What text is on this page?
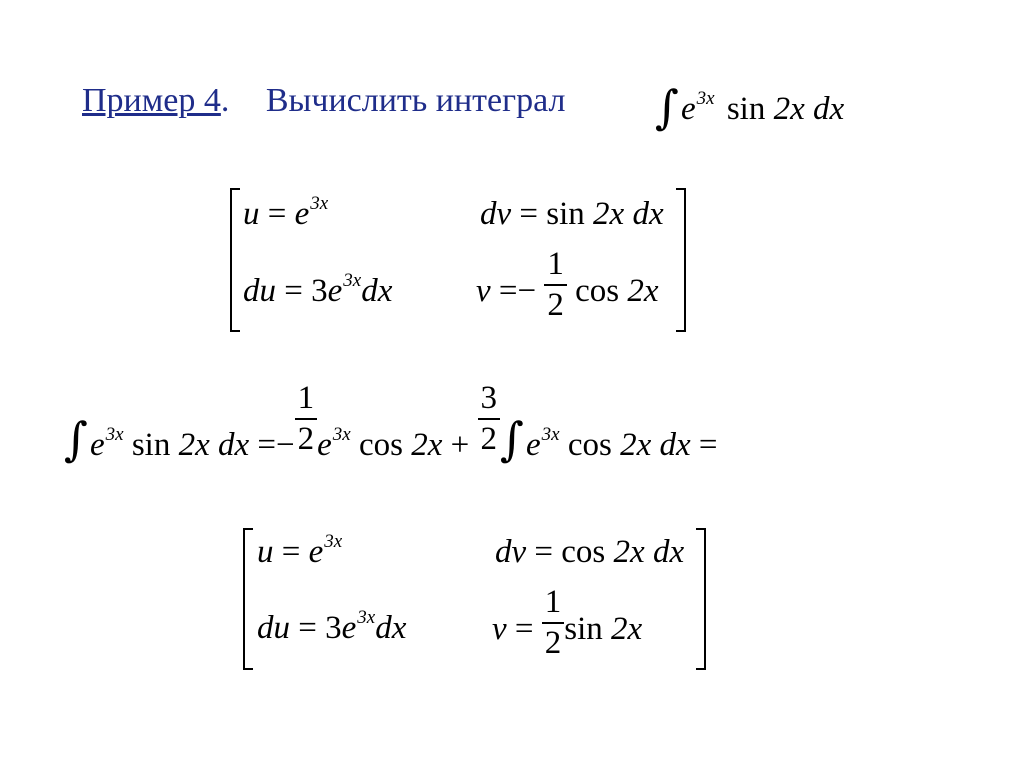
Пример 4. Вычислить интеграл $\int e^{3x}$ sin 2x dx
$u = e^{3x}$	dv = sin 2x dx
du = $3e^{3x}dx$	$v =- \frac{1}{2}$ cos 2x
$\int e^{3x}$ sin 2x dx =− $\frac{1}{2} e^{3x}$ $\cos 2x + \frac{3}{2} \int e^{3x}$ cos 2x dx =
$u = e^{3x}$	dv = cos 2x dx
du = $3e^{3x}dx$	$v = \frac{1}{2}$ sin 2x
